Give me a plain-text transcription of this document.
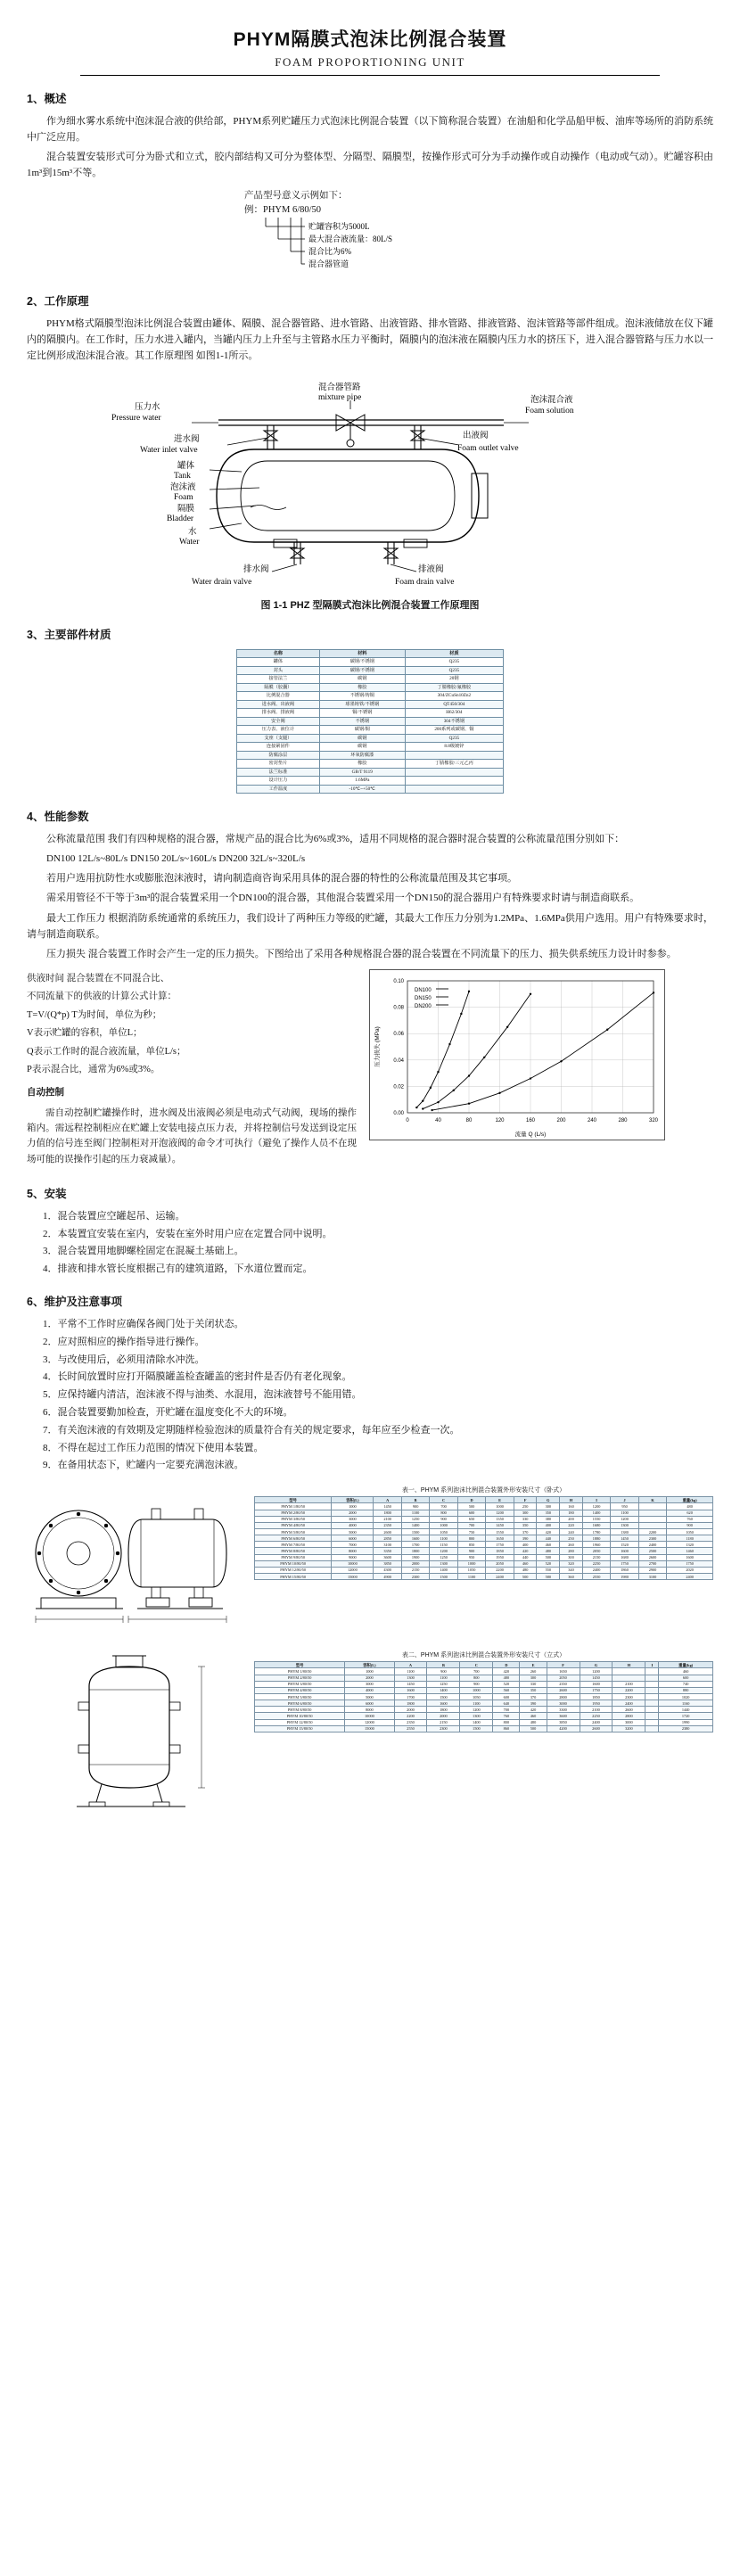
PHYM隔膜式泡沫比例混合装置
FOAM PROPORTIONING UNIT
1、概述

作为细水雾水系统中泡沫混合液的供给部，PHYM系列贮罐压力式泡沫比例混合装置（以下简称混合装置）在油船和化学品船甲板、油库等场所的消防系统中广泛应用。

混合装置安装形式可分为卧式和立式，胶内部结构又可分为整体型、分隔型、隔膜型，按操作形式可分为手动操作或自动操作（电动或气动）。贮罐容积由1m³到15m³不等。

产品型号意义示例如下：
例：PHYM 6/80/50
贮罐容积为5000L
最大混合液流量：80L/S
混合比为6%
混合器管道
2、工作原理

PHYM格式隔膜型泡沫比例混合装置由罐体、隔膜、混合器管路、进水管路、出液管路、排水管路、排液管路、泡沫管路等部件组成。泡沫液储放在仪下罐内的隔膜内。在工作时，压力水进入罐内，当罐内压力上升至与主管路水压力平衡时，隔膜内的泡沫液在隔膜内压力水的挤压下，进入混合器管路与压力水以一定比例形成泡沫混合液。其工作原理图 如图1-1所示。

压力水
Pressure water
混合器管路
mixture pipe	泡沫混合液
Foam solution
进水阀
Water inlet valve
出液阀
Foam outlet valve
罐体
Tank
泡沫液
Foam
隔膜
Bladder
水
Water
排水阀
Water drain valve
排液阀
Foam drain valve
图 1-1 PHZ 型隔膜式泡沫比例混合装置工作原理图
3、主要部件材质
名称	材料	材质
罐体	碳钢/不锈钢	Q235
封头	碳钢/不锈钢	Q235
接管法兰	碳钢	20钢
隔膜（胶囊）	橡胶	丁腈橡胶/氟橡胶
比例混合器	不锈钢/铸铜	304/ZCuSn10Zn2
进水阀、出液阀	球墨铸铁/不锈钢	QT450/304
排水阀、排液阀	铜/不锈钢	H62/304
安全阀	不锈钢	304不锈钢
压力表、液位计	碳钢/铜	200系列或碳钢、铜
支座（支腿）	碳钢	Q235
连接紧固件	碳钢	8.8级镀锌
防腐涂层	环氧防腐漆	
密封垫片	橡胶	丁腈橡胶/三元乙丙
法兰标准	GB/T 9119	
设计压力	1.6MPa	
工作温度	-10℃~+50℃	
4、性能参数

公称流量范围 我们有四种规格的混合器，常规产品的混合比为6%或3%，适用不同规格的混合器时混合装置的公称流量范围分别如下：

DN100 12L/s~80L/s DN150 20L/s~160L/s DN200 32L/s~320L/s

若用户选用抗防性水或膨胀泡沫液时，请向制造商咨询采用具体的混合器的特性的公称流量范围及其它事项。

需采用管径不干等于3m³的混合装置采用一个DN100的混合器，其他混合装置采用一个DN150的混合器用户有特殊要求时请与制造商联系。

最大工作压力 根据消防系统通常的系统压力，我们设计了两种压力等级的贮罐，其最大工作压力分别为1.2MPa、1.6MPa供用户选用。用户有特殊要求时，请与制造商联系。

压力损失 混合装置工作时会产生一定的压力损失。下图给出了采用各种规格混合器的混合装置在不同流量下的压力、损失供系统压力设计时参参。

供液时间 混合装置在不同混合比、

不同流量下的供液的计算公式计算：

T=V/(Q*p) T为时间，单位为秒；

V表示贮罐的容积，单位L；

Q表示工作时的混合液流量，单位L/s；

P表示混合比，通常为6%或3%。

自动控制

需自动控制贮罐操作时，进水阀及出液阀必须是电动式气动阀，现场的操作箱内。需远程控制柜应在贮罐上安装电接点压力表，并将控制信号发送到设定压力值的信号连至阀门控制柜对开泡液阀的命令才可执行（避免了操作人员不在现场可能的误操作引起的压力衰减量）。

0	40	80	120	160	200	240	280	320
0.00
0.02
0.04
0.06
0.08
0.10
DN100
DN150
DN200
流量 Q (L/s)
压力损失 (MPa)
5、安装
1．混合装置应空罐起吊、运输。
2．本装置宜安装在室内，安装在室外时用户应在定置合同中说明。
3．混合装置用地脚螺栓固定在混凝土基础上。
4．排液和排水管长度根据己有的建筑道路，下水道位置而定。
6、维护及注意事项
1．平常不工作时应确保各阀门处于关闭状态。
2．应对照相应的操作指导进行操作。
3．与改使用后，必须用清除水冲洗。
4．长时间放置时应打开隔膜罐盖检查罐盖的密封件是否仍有老化现象。
5．应保持罐内清洁，泡沫液不得与油类、水混用，泡沫液替号不能用错。
6．混合装置要勤加检查，开贮罐在温度变化不大的环境。
7．有关泡沫液的有效期及定期随样检验泡沫的质量符合有关的规定要求，每年应至少检查一次。
8．不得在起过工作压力范围的情况下使用本装置。
9．在备用状态下，贮罐内一定要充满泡沫液。
表一、PHYM 系列泡沫比例混合装置外形安装尺寸（卧式）
型号	容积(L)	A	B	C	D	E	F	G	H	I	J	K	重量(kg)
PHYM 1/80/50	1000	1450	900	700	500	1000	250	300	160	1200	950		480
PHYM 2/80/50	2000	1800	1100	800	600	1200	300	350	180	1400	1100		620
PHYM 3/80/50	3000	2100	1250	900	650	1350	330	380	200	1550	1200		760
PHYM 4/80/50	4000	2350	1400	1000	700	1450	350	400	220	1680	1300		900
PHYM 5/80/50	5000	2600	1500	1050	750	1550	370	420	240	1780	1380	2200	1050
PHYM 6/80/50	6000	2850	1600	1100	800	1650	390	440	250	1880	1450	2300	1180
PHYM 7/80/50	7000	3100	1700	1150	850	1750	400	460	260	1960	1520	2400	1320
PHYM 8/80/50	8000	3350	1800	1200	900	1850	420	480	280	2050	1600	2500	1460
PHYM 9/80/50	9000	3600	1900	1250	950	1950	440	500	300	2150	1680	2600	1600
PHYM 10/80/50	10000	3850	2000	1300	1000	2050	460	520	320	2250	1750	2700	1750
PHYM 12/80/50	12000	4300	2150	1400	1050	2200	480	550	340	2400	1860	2900	2020
PHYM 15/80/50	15000	4900	2300	1500	1100	2400	500	580	360	2550	1980	3100	2400
表二、PHYM 系列泡沫比例混合装置外形安装尺寸（立式）
型号	容积(L)	A	B	C	D	E	F	G	H	I	重量(kg)
PHYM 1/80/50	1000	1100	900	700	420	260	1650	1200			460
PHYM 2/80/50	2000	1300	1100	800	480	300	2050	1450			600
PHYM 3/80/50	3000	1450	1250	900	520	330	2350	1600	2100		740
PHYM 4/80/50	4000	1600	1400	1000	560	350	2600	1750	2200		880
PHYM 5/80/50	5000	1700	1500	1050	600	370	2800	1850	2300		1020
PHYM 6/80/50	6000	1800	1600	1100	640	390	3000	1950	2400		1160
PHYM 8/80/50	8000	2000	1800	1200	700	420	3300	2100	2600		1440
PHYM 10/80/50	10000	2200	2000	1300	760	460	3600	2250	2800		1720
PHYM 12/80/50	12000	2350	2150	1400	800	480	3850	2400	3000		1990
PHYM 15/80/50	15000	2550	2300	1500	860	500	4200	2600	3200		2380
